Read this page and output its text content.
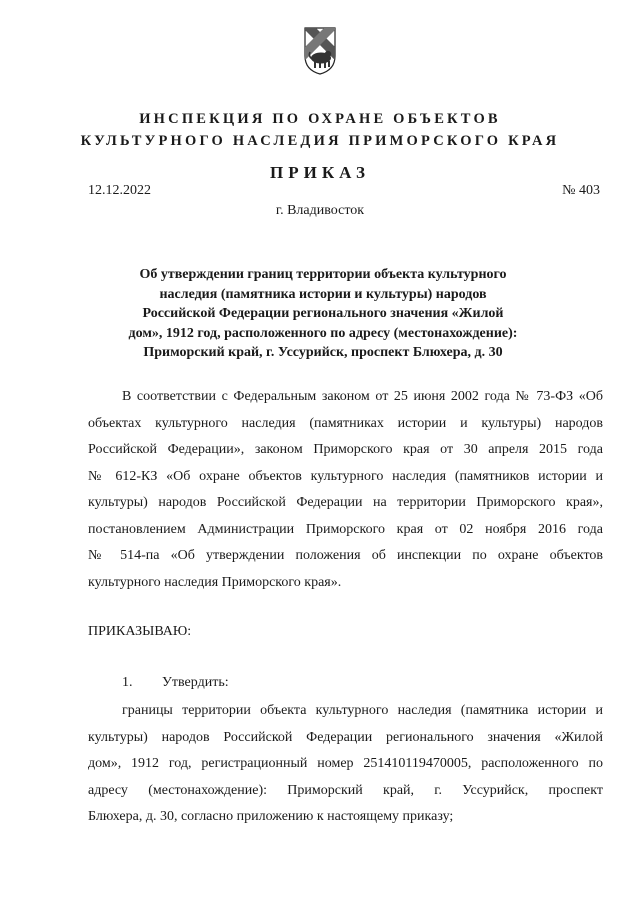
ИНСПЕКЦИЯ ПО ОХРАНЕ ОБЪЕКТОВ
КУЛЬТУРНОГО НАСЛЕДИЯ ПРИМОРСКОГО КРАЯ
ПРИКАЗ
12.12.2022	№ 403
г. Владивосток
Об утверждении границ территории объекта культурного
наследия (памятника истории и культуры) народов
Российской Федерации регионального значения «Жилой
дом», 1912 год, расположенного по адресу (местонахождение):
Приморский край, г. Уссурийск, проспект Блюхера, д. 30
В соответствии с Федеральным законом от 25 июня 2002 года № 73-ФЗ «Об
объектах культурного наследия (памятниках истории и культуры) народов
Российской Федерации», законом Приморского края от 30 апреля 2015 года
№ 612-КЗ «Об охране объектов культурного наследия (памятников истории и
культуры) народов Российской Федерации на территории Приморского края»,
постановлением Администрации Приморского края от 02 ноября 2016 года
№ 514-па «Об утверждении положения об инспекции по охране объектов
культурного наследия Приморского края».
ПРИКАЗЫВАЮ:
1. Утвердить:
границы территории объекта культурного наследия (памятника истории и
культуры) народов Российской Федерации регионального значения «Жилой
дом», 1912 год, регистрационный номер 251410119470005, расположенного по
адресу (местонахождение): Приморский край, г. Уссурийск, проспект
Блюхера, д. 30, согласно приложению к настоящему приказу;
